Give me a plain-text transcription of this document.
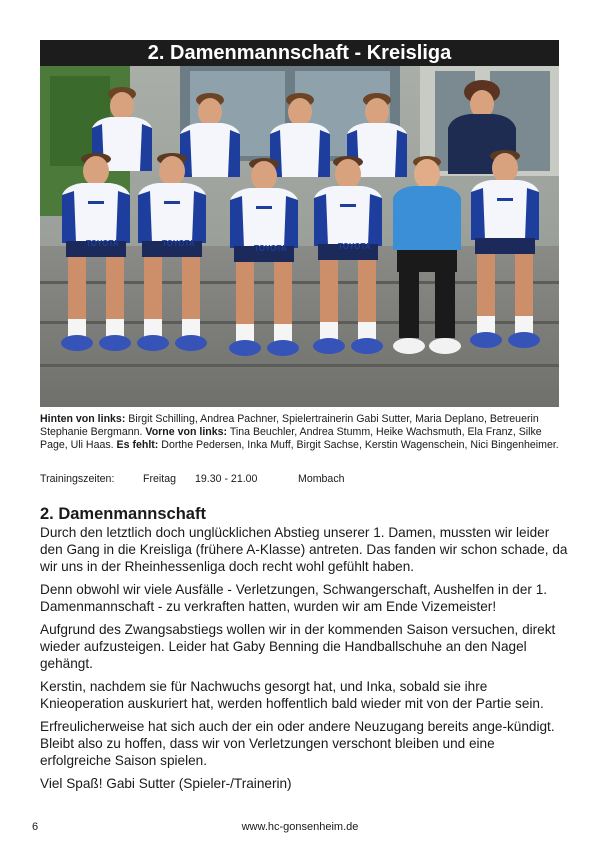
2. Damenmannschaft - Kreisliga
TOYOTA	TOYOTA
TOYOTA	TOYOTA
Hinten von links: Birgit Schilling, Andrea Pachner, Spielertrainerin Gabi Sutter, Maria Deplano, Betreuerin Stephanie Bergmann. Vorne von links: Tina Beuchler, Andrea Stumm, Heike Wachsmuth, Ela Franz, Silke Page, Uli Haas. Es fehlt: Dorthe Pedersen, Inka Muff, Birgit Sachse, Kerstin Wagenschein, Nici Bingenheimer.
Trainingszeiten:	Freitag 19.30 - 21.00	Mombach
2. Damenmannschaft

Durch den letztlich doch unglücklichen Abstieg unserer 1. Damen, mussten wir leider den Gang in die Kreisliga (frühere A-Klasse) antreten. Das fanden wir schon schade, da wir uns in der Rheinhessenliga doch recht wohl gefühlt haben.

Denn obwohl wir viele Ausfälle - Verletzungen, Schwangerschaft, Aushelfen in der 1. Damenmannschaft - zu verkraften hatten, wurden wir am Ende Vizemeister!

Aufgrund des Zwangsabstiegs wollen wir in der kommenden Saison versuchen, direkt wieder aufzusteigen. Leider hat Gaby Benning die Handballschuhe an den Nagel gehängt.

Kerstin, nachdem sie für Nachwuchs gesorgt hat, und Inka, sobald sie ihre Knieoperation auskuriert hat, werden hoffentlich bald wieder mit von der Partie sein.

Erfreulicherweise hat sich auch der ein oder andere Neuzugang bereits ange-kündigt. Bleibt also zu hoffen, dass wir von Verletzungen verschont bleiben und eine erfolgreiche Saison spielen.

Viel Spaß! Gabi Sutter (Spieler-/Trainerin)

6	www.hc-gonsenheim.de
